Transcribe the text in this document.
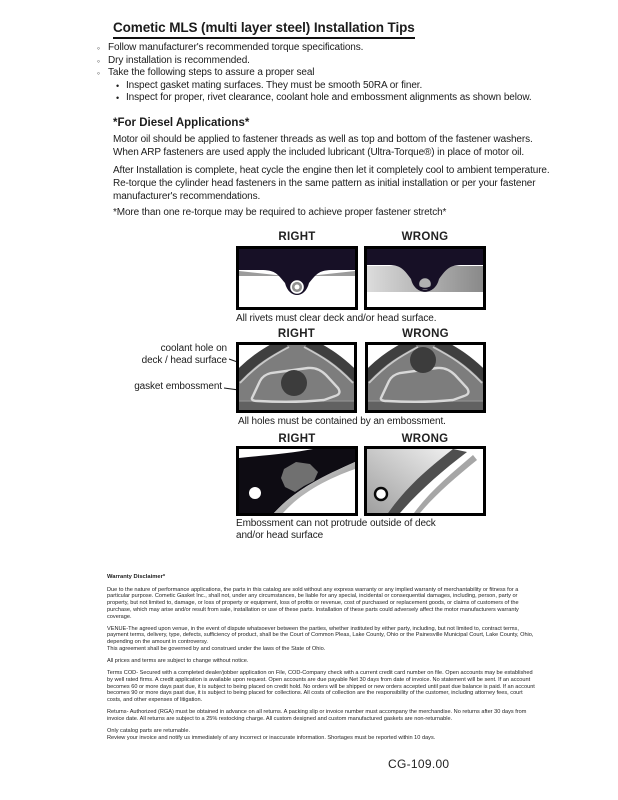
Cometic MLS (multi layer steel) Installation Tips
◦ Follow manufacturer's recommended torque specifications.
◦ Dry installation is recommended.
◦ Take the following steps to assure a proper seal
• Inspect gasket mating surfaces. They must be smooth 50RA or finer.
• Inspect for proper, rivet clearance, coolant hole and embossment alignments as shown below.
*For Diesel Applications*

Motor oil should be applied to fastener threads as well as top and bottom of the fastener washers. When ARP fasteners are used apply the included lubricant (Ultra-Torque®) in place of motor oil.

After Installation is complete, heat cycle the engine then let it completely cool to ambient temperature. Re-torque the cylinder head fasteners in the same pattern as initial installation or per your fastener manufacturer's recommendations.

*More than one re-torque may be required to achieve proper fastener stretch*

RIGHT	WRONG
All rivets must clear deck and/or head surface.
RIGHT	WRONG
coolant hole on
deck / head surface
gasket embossment
All holes must be contained by an embossment.
RIGHT	WRONG
Embossment can not protrude outside of deck and/or head surface
Warranty Disclaimer*

Due to the nature of performance applications, the parts in this catalog are sold without any express warranty or any implied warranty of merchantability or fitness for a particular purpose. Cometic Gasket Inc., shall not, under any circumstances, be liable for any special, incidental or consequential damages, including, person, party or property, but not limited to, damage, or loss of property or equipment, loss of profits or revenue, cost of purchased or replacement goods, or claims of customers of the purchase, which may arise and/or result from sale, installation or use of these parts. Installation of these parts could adversely affect the motor manufacturers warranty coverage.

VENUE-The agreed upon venue, in the event of dispute whatsoever between the parties, whether instituted by either party, including, but not limited to, contract terms, payment terms, delivery, type, defects, sufficiency of product, shall be the Court of Common Pleas, Lake County, Ohio or the Painesville Municipal Court, Lake County, Ohio, depending on the amount in controversy.

This agreement shall be governed by and construed under the laws of the State of Ohio.

All prices and terms are subject to change without notice.

Terms COD- Secured with a completed dealer/jobber application on File, COD-Company check with a current credit card number on file. Open accounts may be established by well rated firms. A credit application is available upon request. Open accounts are due payable Net 30 days from date of invoice. No statement will be sent. If an account becomes 60 or more days past due, it is subject to being placed on credit hold. No orders will be shipped or new orders accepted until past due balance is paid. If an account becomes 90 or more days past due, it is subject to being placed for collections. All costs of collection are the responsibility of the customer, including attorney fees, court costs, and other expenses of litigation.

Returns- Authorized (RGA) must be obtained in advance on all returns. A packing slip or invoice number must accompany the merchandise. No returns after 30 days from invoice date. All returns are subject to a 25% restocking charge. All custom designed and custom manufactured gaskets are non-returnable.

Only catalog parts are returnable.

Review your invoice and notify us immediately of any incorrect or inaccurate information. Shortages must be reported within 10 days.

CG-109.00
